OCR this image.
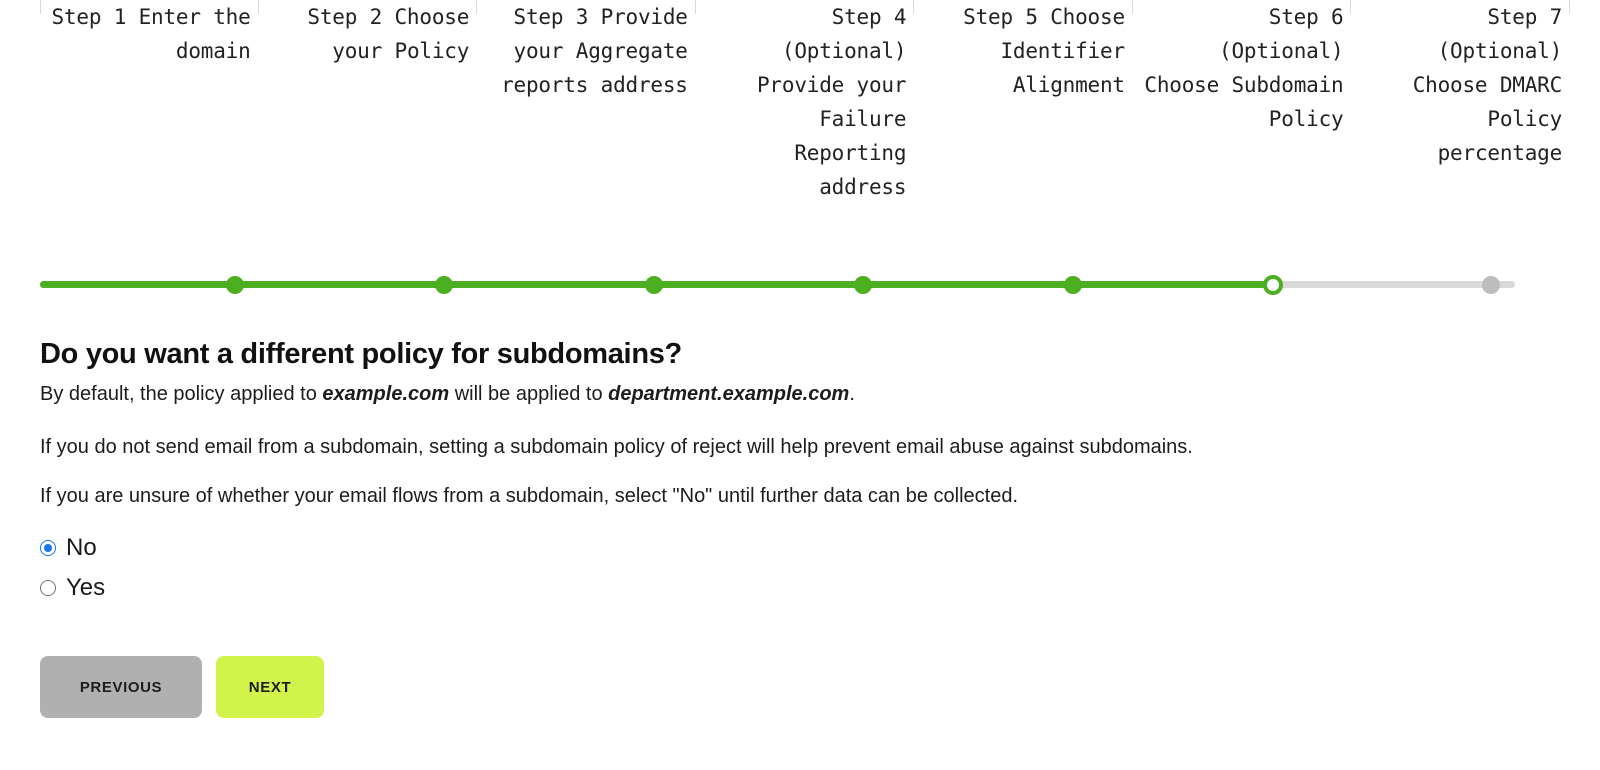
Step 1 Enter the domain
Step 2 Choose your Policy
Step 3 Provide your Aggregate reports address
Step 4 (Optional) Provide your Failure Reporting address
Step 5 Choose Identifier Alignment
Step 6 (Optional) Choose Subdomain Policy
Step 7 (Optional) Choose DMARC Policy percentage
Do you want a different policy for subdomains?

By default, the policy applied to example.com will be applied to department.example.com.

If you do not send email from a subdomain, setting a subdomain policy of reject will help prevent email abuse against subdomains.

If you are unsure of whether your email flows from a subdomain, select "No" until further data can be collected.

No
Yes
PREVIOUS	NEXT
